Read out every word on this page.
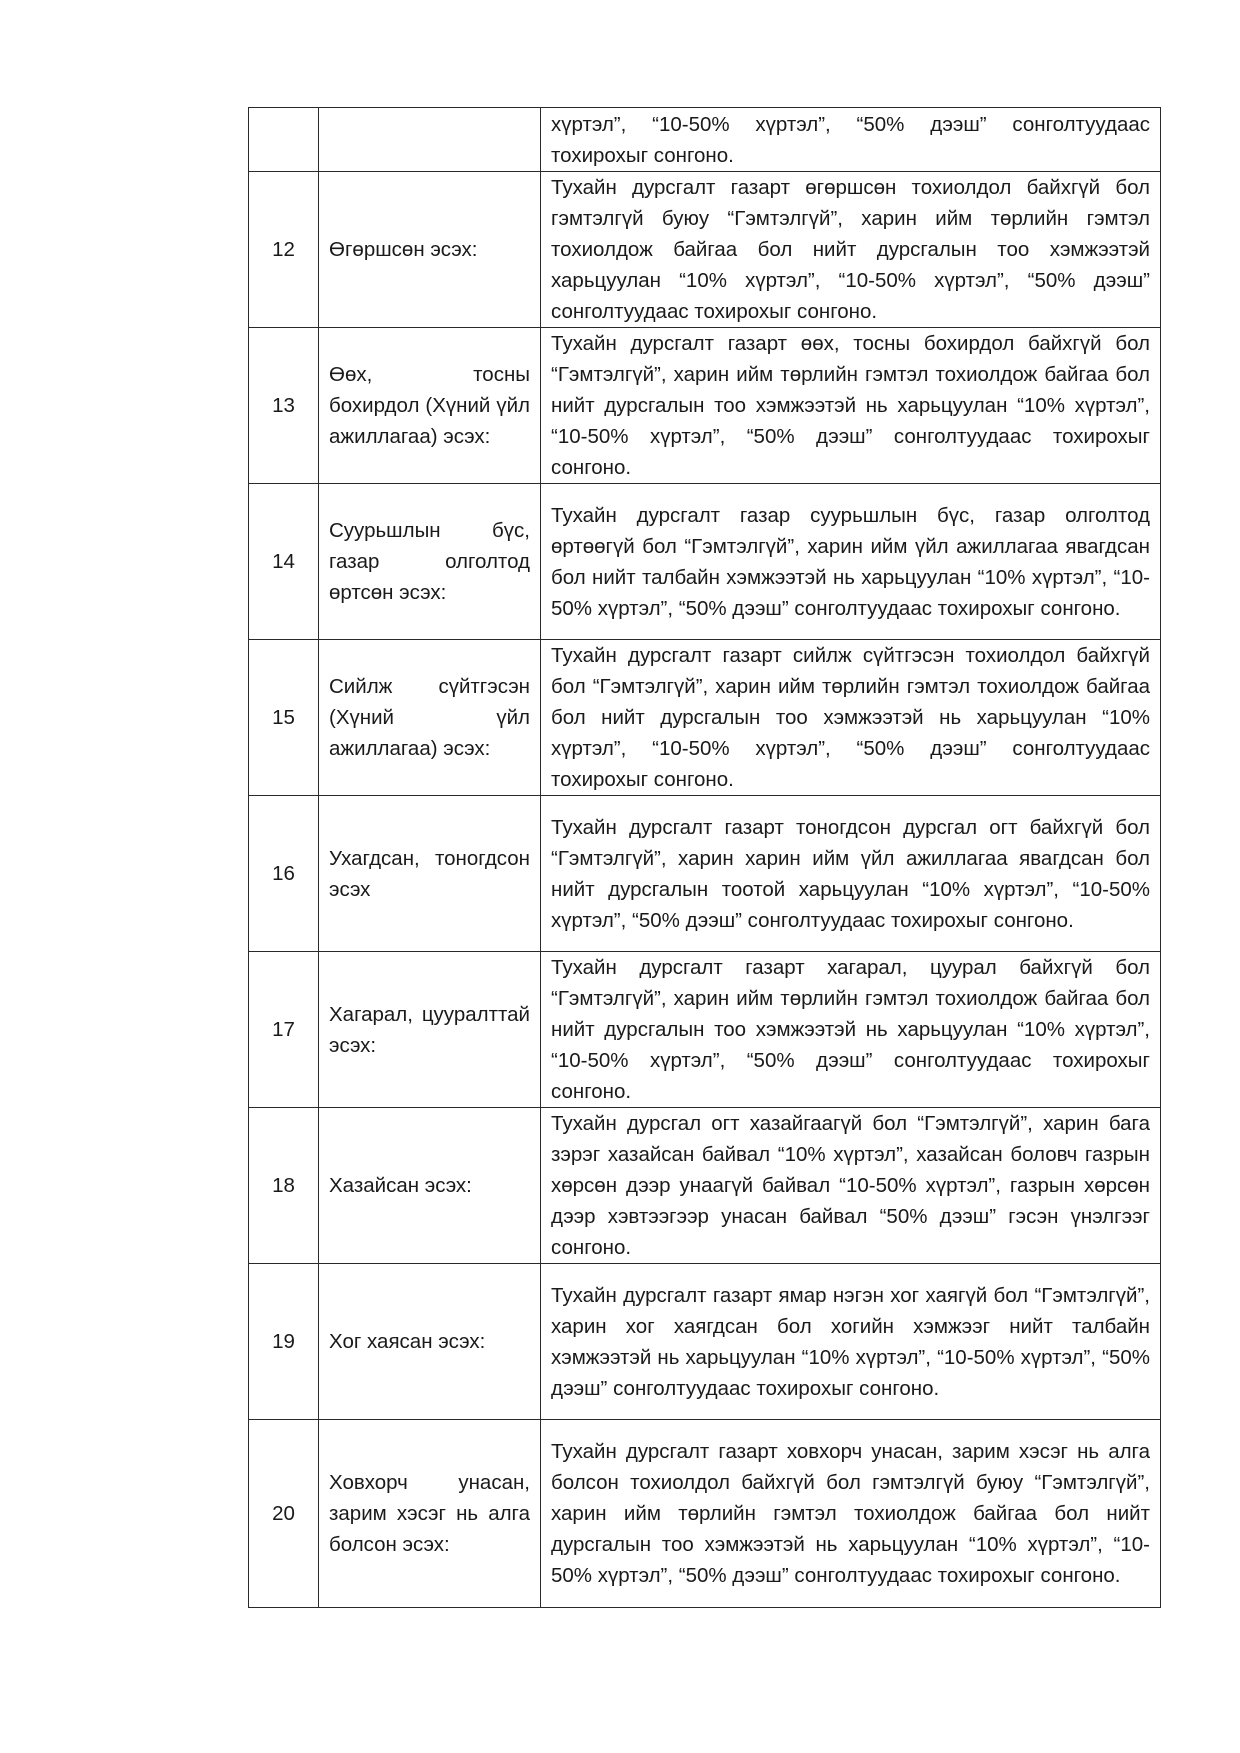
		хүртэл”, “10-50% хүртэл”, “50% дээш” сонголтуудаас тохирохыг сонгоно.
12	Өгөршсөн эсэх:	Тухайн дурсгалт газарт өгөршсөн тохиолдол байхгүй бол гэмтэлгүй буюу “Гэмтэлгүй”, харин ийм төрлийн гэмтэл тохиолдож байгаа бол нийт дурсгалын тоо хэмжээтэй харьцуулан “10% хүртэл”, “10-50% хүртэл”, “50% дээш” сонголтуудаас тохирохыг сонгоно.
13	Өөх, тосны бохирдол (Хүний үйл ажиллагаа) эсэх:	Тухайн дурсгалт газарт өөх, тосны бохирдол байхгүй бол “Гэмтэлгүй”, харин ийм төрлийн гэмтэл тохиолдож байгаа бол нийт дурсгалын тоо хэмжээтэй нь харьцуулан “10% хүртэл”, “10-50% хүртэл”, “50% дээш” сонголтуудаас тохирохыг сонгоно.
14	Суурьшлын бүс, газар олголтод өртсөн эсэх:	Тухайн дурсгалт газар суурьшлын бүс, газар олголтод өртөөгүй бол “Гэмтэлгүй”, харин ийм үйл ажиллагаа явагдсан бол нийт талбайн хэмжээтэй нь харьцуулан “10% хүртэл”, “10-50% хүртэл”, “50% дээш” сонголтуудаас тохирохыг сонгоно.
15	Сийлж сүйтгэсэн (Хүний үйл ажиллагаа) эсэх:	Тухайн дурсгалт газарт сийлж сүйтгэсэн тохиолдол байхгүй бол “Гэмтэлгүй”, харин ийм төрлийн гэмтэл тохиолдож байгаа бол нийт дурсгалын тоо хэмжээтэй нь харьцуулан “10% хүртэл”, “10-50% хүртэл”, “50% дээш” сонголтуудаас тохирохыг сонгоно.
16	Ухагдсан, тоногдсон эсэх	Тухайн дурсгалт газарт тоногдсон дурсгал огт байхгүй бол “Гэмтэлгүй”, харин харин ийм үйл ажиллагаа явагдсан бол нийт дурсгалын тоотой харьцуулан “10% хүртэл”, “10-50% хүртэл”, “50% дээш” сонголтуудаас тохирохыг сонгоно.
17	Хагарал, цууралттай эсэх:	Тухайн дурсгалт газарт хагарал, цуурал байхгүй бол “Гэмтэлгүй”, харин ийм төрлийн гэмтэл тохиолдож байгаа бол нийт дурсгалын тоо хэмжээтэй нь харьцуулан “10% хүртэл”, “10-50% хүртэл”, “50% дээш” сонголтуудаас тохирохыг сонгоно.
18	Хазайсан эсэх:	Тухайн дурсгал огт хазайгаагүй бол “Гэмтэлгүй”, харин бага зэрэг хазайсан байвал “10% хүртэл”, хазайсан боловч газрын хөрсөн дээр унаагүй байвал “10-50% хүртэл”, газрын хөрсөн дээр хэвтээгээр унасан байвал “50% дээш” гэсэн үнэлгээг сонгоно.
19	Хог хаясан эсэх:	Тухайн дурсгалт газарт ямар нэгэн хог хаягүй бол “Гэмтэлгүй”, харин хог хаягдсан бол хогийн хэмжээг нийт талбайн хэмжээтэй нь харьцуулан “10% хүртэл”, “10-50% хүртэл”, “50% дээш” сонголтуудаас тохирохыг сонгоно.
20	Ховхорч унасан, зарим хэсэг нь алга болсон эсэх:	Тухайн дурсгалт газарт ховхорч унасан, зарим хэсэг нь алга болсон тохиолдол байхгүй бол гэмтэлгүй буюу “Гэмтэлгүй”, харин ийм төрлийн гэмтэл тохиолдож байгаа бол нийт дурсгалын тоо хэмжээтэй нь харьцуулан “10% хүртэл”, “10-50% хүртэл”, “50% дээш” сонголтуудаас тохирохыг сонгоно.
